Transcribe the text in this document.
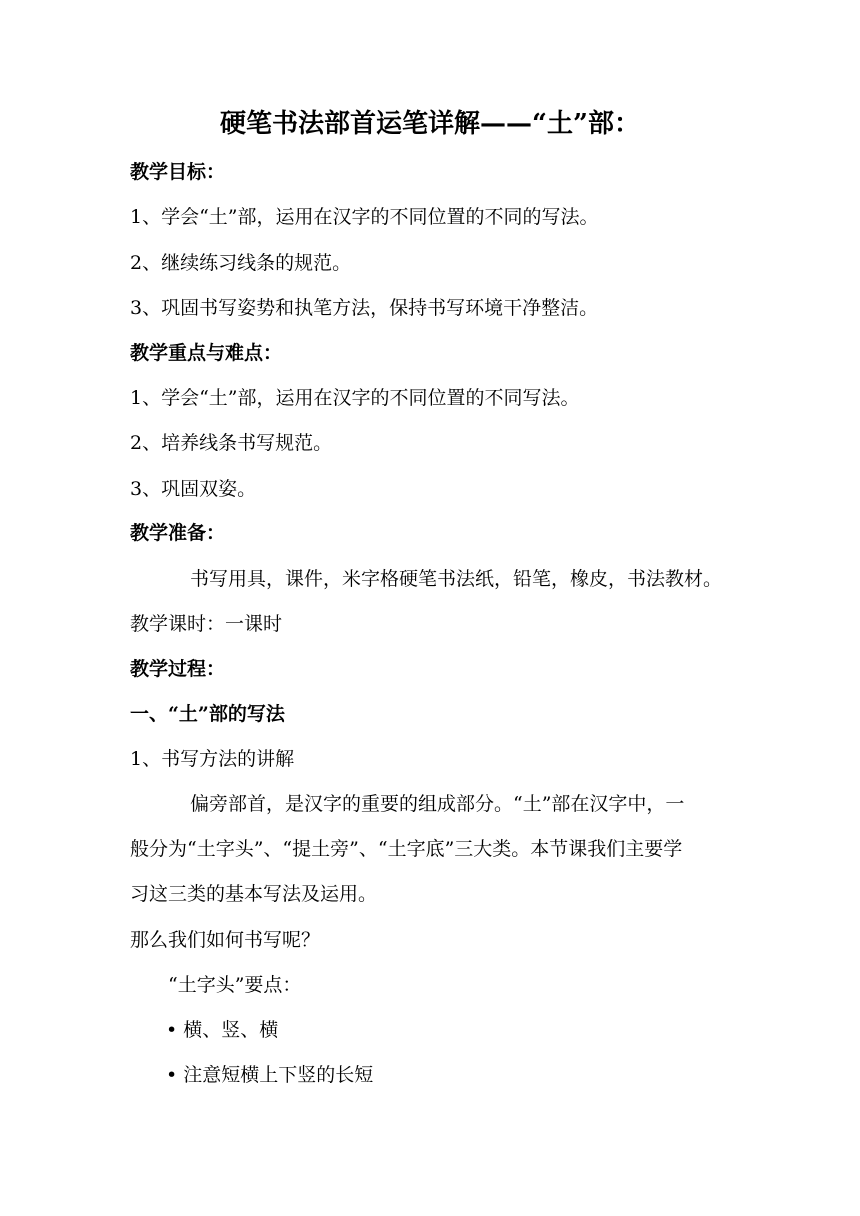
硬笔书法部首运笔详解——“土”部：
教学目标：
1、学会“土”部，运用在汉字的不同位置的不同的写法。
2、继续练习线条的规范。
3、巩固书写姿势和执笔方法，保持书写环境干净整洁。
教学重点与难点：
1、学会“土”部，运用在汉字的不同位置的不同写法。
2、培养线条书写规范。
3、巩固双姿。
教学准备：
书写用具，课件，米字格硬笔书法纸，铅笔，橡皮，书法教材。
教学课时：一课时
教学过程：
一、“土”部的写法
1、书写方法的讲解
偏旁部首，是汉字的重要的组成部分。“土”部在汉字中，一
般分为“土字头”、“提土旁”、“土字底”三大类。本节课我们主要学
习这三类的基本写法及运用。
那么我们如何书写呢？
“土字头”要点：
• 横、竖、横
• 注意短横上下竖的长短
